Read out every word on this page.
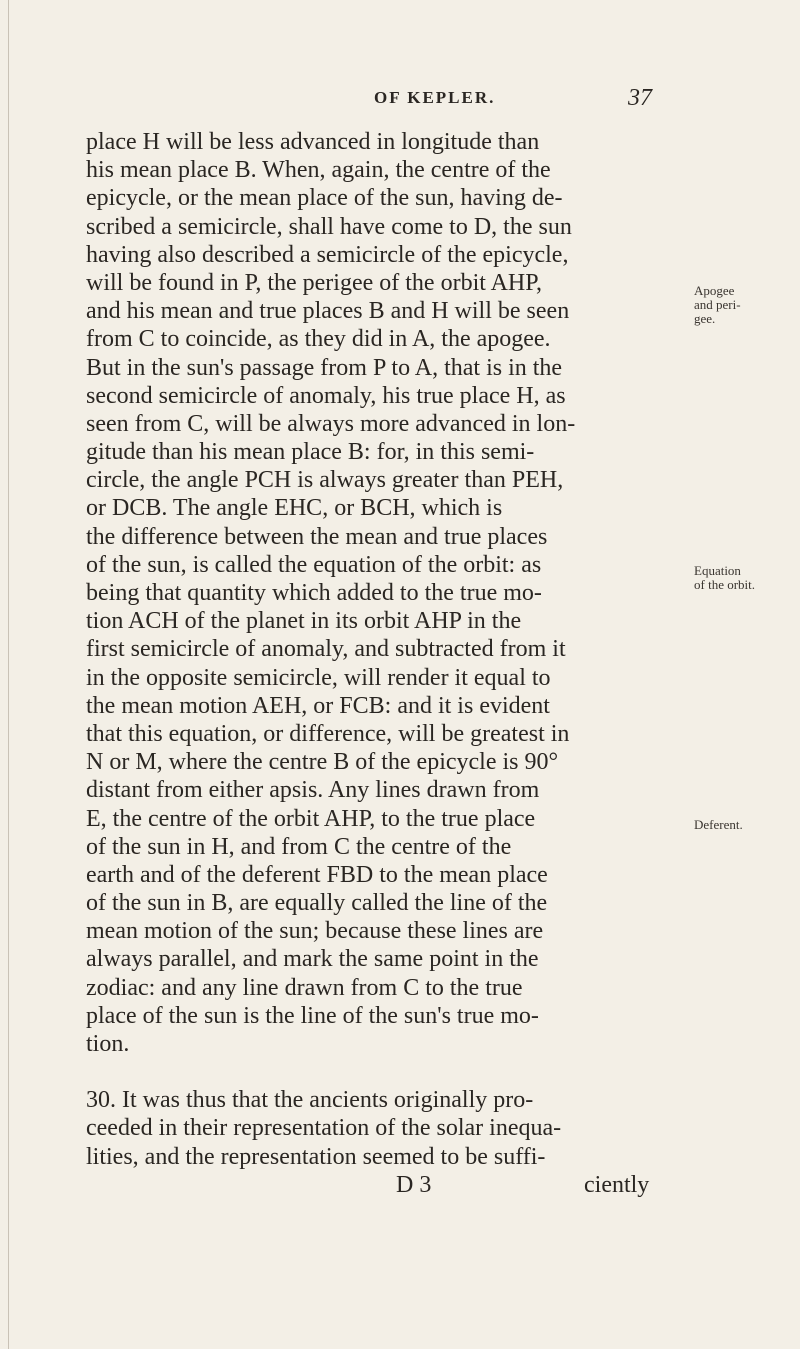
OF KEPLER.	37
place H will be less advanced in longitude than
his mean place B. When, again, the centre of the
epicycle, or the mean place of the sun, having de-
scribed a semicircle, shall have come to D, the sun
having also described a semicircle of the epicycle,
will be found in P, the perigee of the orbit AHP,
and his mean and true places B and H will be seen
from C to coincide, as they did in A, the apogee.
But in the sun's passage from P to A, that is in the
second semicircle of anomaly, his true place H, as
seen from C, will be always more advanced in lon-
gitude than his mean place B: for, in this semi-
circle, the angle PCH is always greater than PEH,
or DCB. The angle EHC, or BCH, which is
the difference between the mean and true places
of the sun, is called the equation of the orbit: as
being that quantity which added to the true mo-
tion ACH of the planet in its orbit AHP in the
first semicircle of anomaly, and subtracted from it
in the opposite semicircle, will render it equal to
the mean motion AEH, or FCB: and it is evident
that this equation, or difference, will be greatest in
N or M, where the centre B of the epicycle is 90°
distant from either apsis. Any lines drawn from
E, the centre of the orbit AHP, to the true place
of the sun in H, and from C the centre of the
earth and of the deferent FBD to the mean place
of the sun in B, are equally called the line of the
mean motion of the sun; because these lines are
always parallel, and mark the same point in the
zodiac: and any line drawn from C to the true
place of the sun is the line of the sun's true mo-
tion.
30. It was thus that the ancients originally pro-
ceeded in their representation of the solar inequa-
lities, and the representation seemed to be suffi-
D 3	ciently
Apogee
and peri-
gee.
Equation
of the orbit.
Deferent.
